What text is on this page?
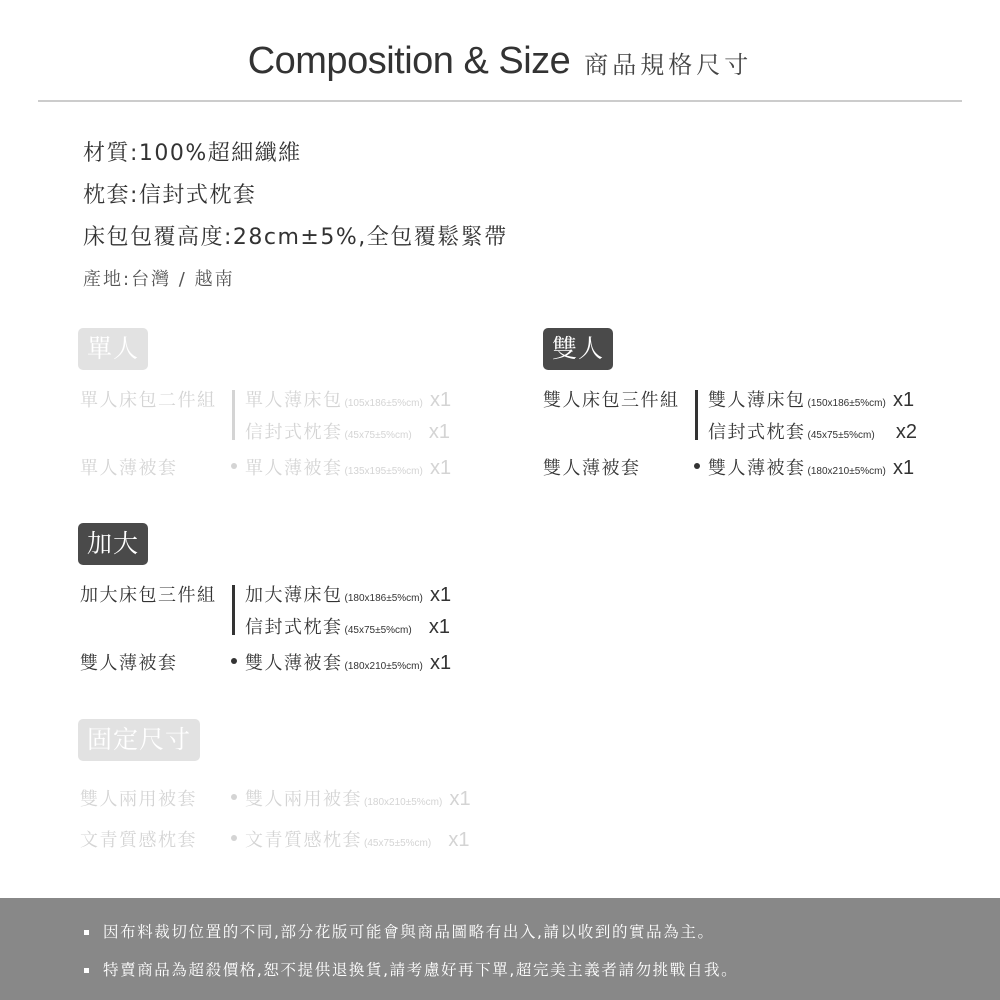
Composition & Size 商品規格尺寸
材質:100%超細纖維
枕套:信封式枕套
床包包覆高度:28cm±5%,全包覆鬆緊帶
產地:台灣 / 越南
單人
單人床包二件組 單人薄床包 (105x186±5%cm) x1
信封式枕套 (45x75±5%cm) x1
單人薄被套	單人薄被套 (135x195±5%cm) x1
雙人
雙人床包三件組 雙人薄床包 (150x186±5%cm) x1
信封式枕套 (45x75±5%cm) x2
雙人薄被套	雙人薄被套 (180x210±5%cm) x1
加大
加大床包三件組 加大薄床包 (180x186±5%cm) x1
信封式枕套 (45x75±5%cm) x1
雙人薄被套	雙人薄被套 (180x210±5%cm) x1
固定尺寸
雙人兩用被套	雙人兩用被套 (180x210±5%cm) x1
文青質感枕套	文青質感枕套 (45x75±5%cm) x1
因布料裁切位置的不同,部分花版可能會與商品圖略有出入,請以收到的實品為主。
特賣商品為超殺價格,恕不提供退換貨,請考慮好再下單,超完美主義者請勿挑戰自我。
